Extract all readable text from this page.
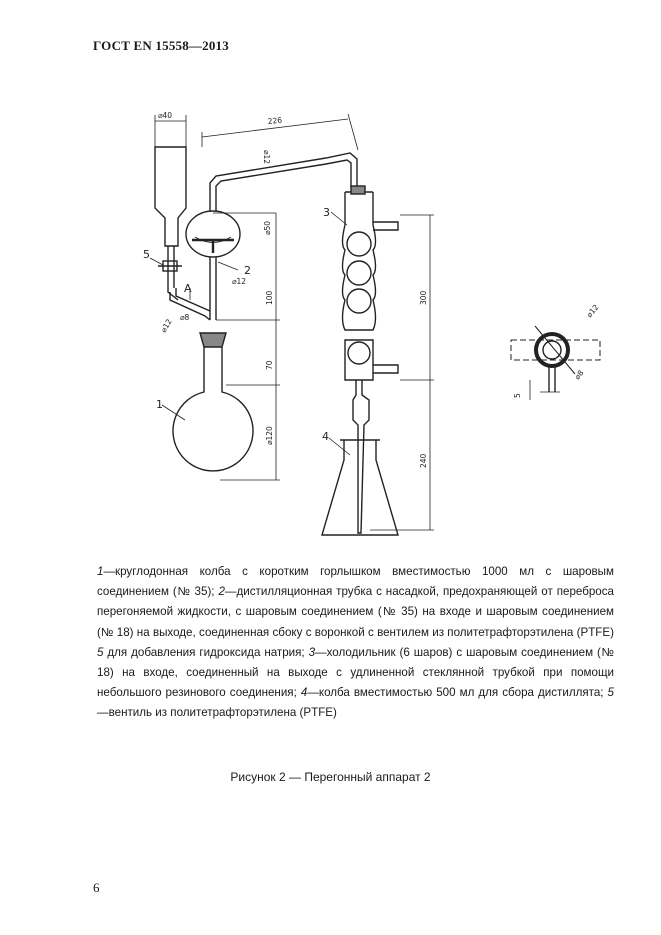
ГОСТ EN 15558—2013
⌀40
226
⌀12
⌀50
⌀12
100
⌀8
⌀12
70
⌀120
300
240
⌀12
⌀8
5
1
2
3
4
5
A
1—круглодонная колба с коротким горлышком вместимостью 1000 мл с шаровым соединением (№ 35); 2—дистилляционная трубка с насадкой, предохраняющей от переброса перегоняемой жидкости, с шаровым соединением (№ 35) на входе и шаровым соединением (№ 18) на выходе, соединенная сбоку с воронкой с вентилем из политетрафторэтилена (PTFE) 5 для добавления гидроксида натрия; 3—холодильник (6 шаров) с шаровым соединением (№ 18) на входе, соединенный на выходе с удлиненной стеклянной трубкой при помощи небольшого резинового соединения; 4—колба вместимостью 500 мл для сбора дистиллята; 5—вентиль из политетрафторэтилена (PTFE)
Рисунок 2 — Перегонный аппарат 2
6
